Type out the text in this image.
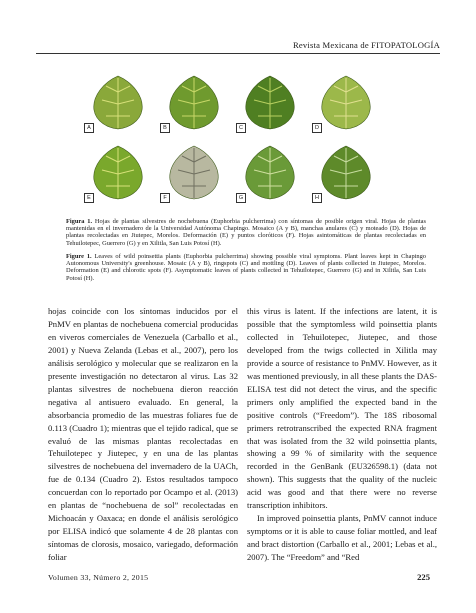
Revista Mexicana de FITOPATOLOGÍA
A	B	C	D
E	F	G	H
Figura 1. Hojas de plantas silvestres de nochebuena (Euphorbia pulcherrima) con síntomas de posible origen viral. Hojas de plantas mantenidas en el invernadero de la Universidad Autónoma Chapingo. Mosaico (A y B), manchas anulares (C) y moteado (D). Hojas de plantas recolectadas en Jiutepec, Morelos. Deformación (E) y puntos cloróticos (F). Hojas asintomáticas de plantas recolectadas en Tehuilotepec, Guerrero (G) y en Xilitla, San Luis Potosí (H).
Figure 1. Leaves of wild poinsettia plants (Euphorbia pulcherrima) showing possible viral symptoms. Plant leaves kept in Chapingo Autonomous University's greenhouse. Mosaic (A y B), ringspots (C) and mottling (D). Leaves of plants collected in Jiutepec, Morelos. Deformation (E) and chlorotic spots (F). Asymptomatic leaves of plants collected in Tehuilotepec, Guerrero (G) and in Xilitla, San Luis Potosí (H).

hojas coincide con los síntomas inducidos por el PnMV en plantas de nochebuena comercial producidas en viveros comerciales de Venezuela (Carballo et al., 2001) y Nueva Zelanda (Lebas et al., 2007), pero los análisis serológico y molecular que se realizaron en la presente investigación no detectaron al virus. Las 32 plantas silvestres de nochebuena dieron reacción negativa al antisuero evaluado. En general, la absorbancia promedio de las muestras foliares fue de 0.113 (Cuadro 1); mientras que el tejido radical, que se evaluó de las mismas plantas recolectadas en Tehuilotepec y Jiutepec, y en una de las plantas silvestres de nochebuena del invernadero de la UACh, fue de 0.134 (Cuadro 2). Estos resultados tampoco concuerdan con lo reportado por Ocampo et al. (2013) en plantas de “nochebuena de sol” recolectadas en Michoacán y Oaxaca; en donde el análisis serológico por ELISA indicó que solamente 4 de 28 plantas con síntomas de clorosis, mosaico, variegado, deformación foliar

this virus is latent. If the infections are latent, it is possible that the symptomless wild poinsettia plants collected in Tehuilotepec, Jiutepec, and those developed from the twigs collected in Xilitla may provide a source of resistance to PnMV. However, as it was mentioned previously, in all these plants the DAS-ELISA test did not detect the virus, and the specific primers only amplified the expected band in the positive controls (“Freedom”). The 18S ribosomal primers retrotranscribed the expected RNA fragment that was isolated from the 32 wild poinsettia plants, showing a 99 % of similarity with the sequence recorded in the GenBank (EU326598.1) (data not shown). This suggests that the quality of the nucleic acid was good and that there were no reverse transcription inhibitors.

In improved poinsettia plants, PnMV cannot induce symptoms or it is able to cause foliar mottled, and leaf and bract distortion (Carballo et al., 2001; Lebas et al., 2007). The “Freedom” and “Red

Volumen 33, Número 2, 2015	225
